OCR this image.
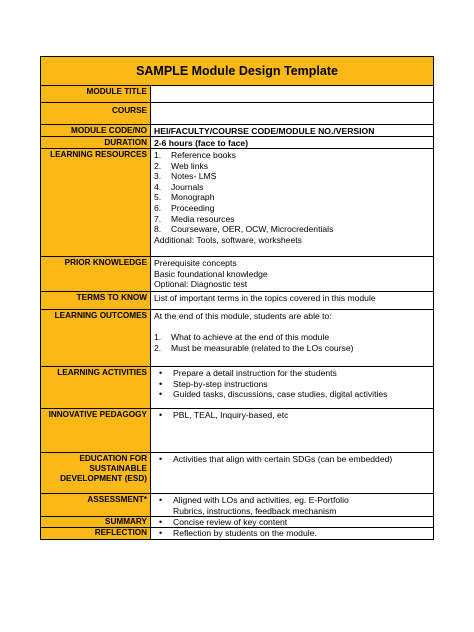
SAMPLE Module Design Template
MODULE TITLE
COURSE
MODULE CODE/NO HEI/FACULTY/COURSE CODE/MODULE NO./VERSION
DURATION 2-6 hours (face to face)
LEARNING RESOURCES 1.	Reference books
2.	Web links
3.	Notes- LMS
4.	Journals
5.	Monograph
6.	Proceeding
7.	Media resources
8.	Courseware, OER, OCW, Microcredentials
Additional: Tools, software, worksheets
PRIOR KNOWLEDGE Prerequisite concepts
Basic foundational knowledge
Optional: Diagnostic test
TERMS TO KNOW List of important terms in the topics covered in this module
LEARNING OUTCOMES At the end of this module, students are able to:
1.	What to achieve at the end of this module
2.	Must be measurable (related to the LOs course)
LEARNING ACTIVITIES	•	Prepare a detail instruction for the students
•	Step-by-step instructions
•	Guided tasks, discussions, case studies, digital activities
INNOVATIVE PEDAGOGY	•	PBL, TEAL, Inquiry-based, etc
EDUCATION FOR SUSTAINABLE DEVELOPMENT (ESD)
•	Activities that align with certain SDGs (can be embedded)
ASSESSMENT*	•	Aligned with LOs and activities, eg. E-Portfolio
Rubrics, instructions, feedback mechanism
SUMMARY	•	Concise review of key content
REFLECTION	•	Reflection by students on the module.
